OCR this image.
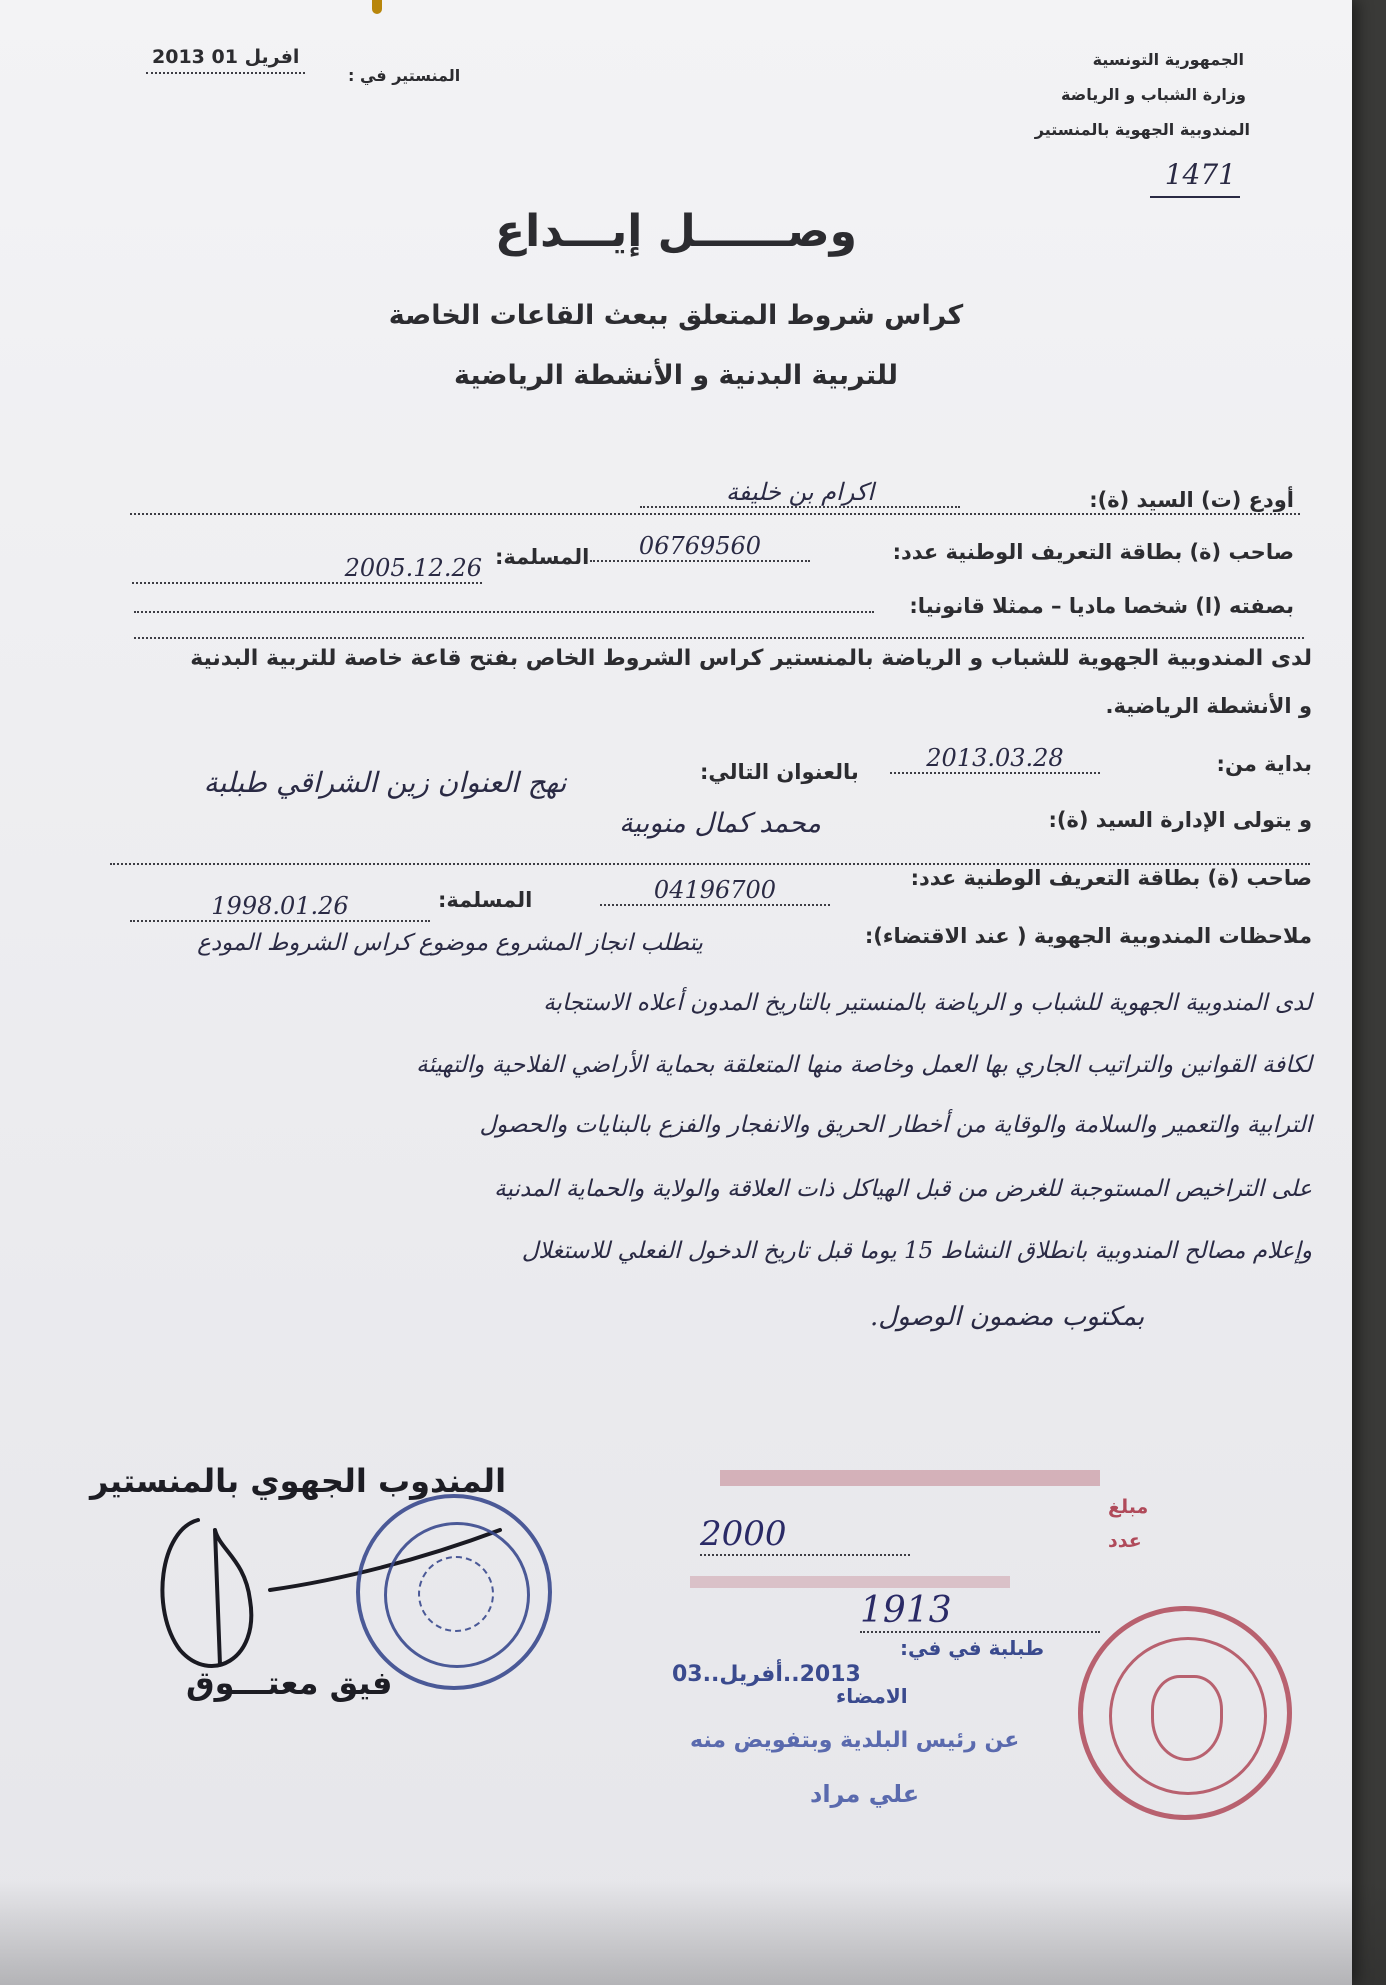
الجمهورية التونسية
وزارة الشباب و الرياضة
المندوبية الجهوية بالمنستير
1471
المنستير في :
2013 افريل 01
وصــــــل إيـــداع
كراس شروط المتعلق ببعث القاعات الخاصة
للتربية البدنية و الأنشطة الرياضية
أودع (ت) السيد (ة):
اكرام بن خليفة
صاحب (ة) بطاقة التعريف الوطنية عدد:
06769560
المسلمة:
2005.12.26
بصفته (ا) شخصا ماديا – ممثلا قانونيا:
لدى المندوبية الجهوية للشباب و الرياضة بالمنستير كراس الشروط الخاص بفتح قاعة خاصة للتربية البدنية
و الأنشطة الرياضية.
بداية من:
2013.03.28
بالعنوان التالي:
نهج العنوان زين الشراقي طبلبة
و يتولى الإدارة السيد (ة):
محمد كمال منوبية
صاحب (ة) بطاقة التعريف الوطنية عدد:
04196700
المسلمة:
1998.01.26
ملاحظات المندوبية الجهوية ( عند الاقتضاء):
يتطلب انجاز المشروع موضوع كراس الشروط المودع
لدى المندوبية الجهوية للشباب و الرياضة بالمنستير بالتاريخ المدون أعلاه الاستجابة
لكافة القوانين والتراتيب الجاري بها العمل وخاصة منها المتعلقة بحماية الأراضي الفلاحية والتهيئة
الترابية والتعمير والسلامة والوقاية من أخطار الحريق والانفجار والفزع بالبنايات والحصول
على التراخيص المستوجبة للغرض من قبل الهياكل ذات العلاقة والولاية والحماية المدنية
وإعلام مصالح المندوبية بانطلاق النشاط 15 يوما قبل تاريخ الدخول الفعلي للاستغلال
بمكتوب مضمون الوصول.
المندوب الجهوي بالمنستير
فيق معتـــوق
مبلغ
2000	عدد
1913
طبلبة في في:
2013..أفريل..03
الامضاء
عن رئيس البلدية وبتفويض منه
علي مراد
